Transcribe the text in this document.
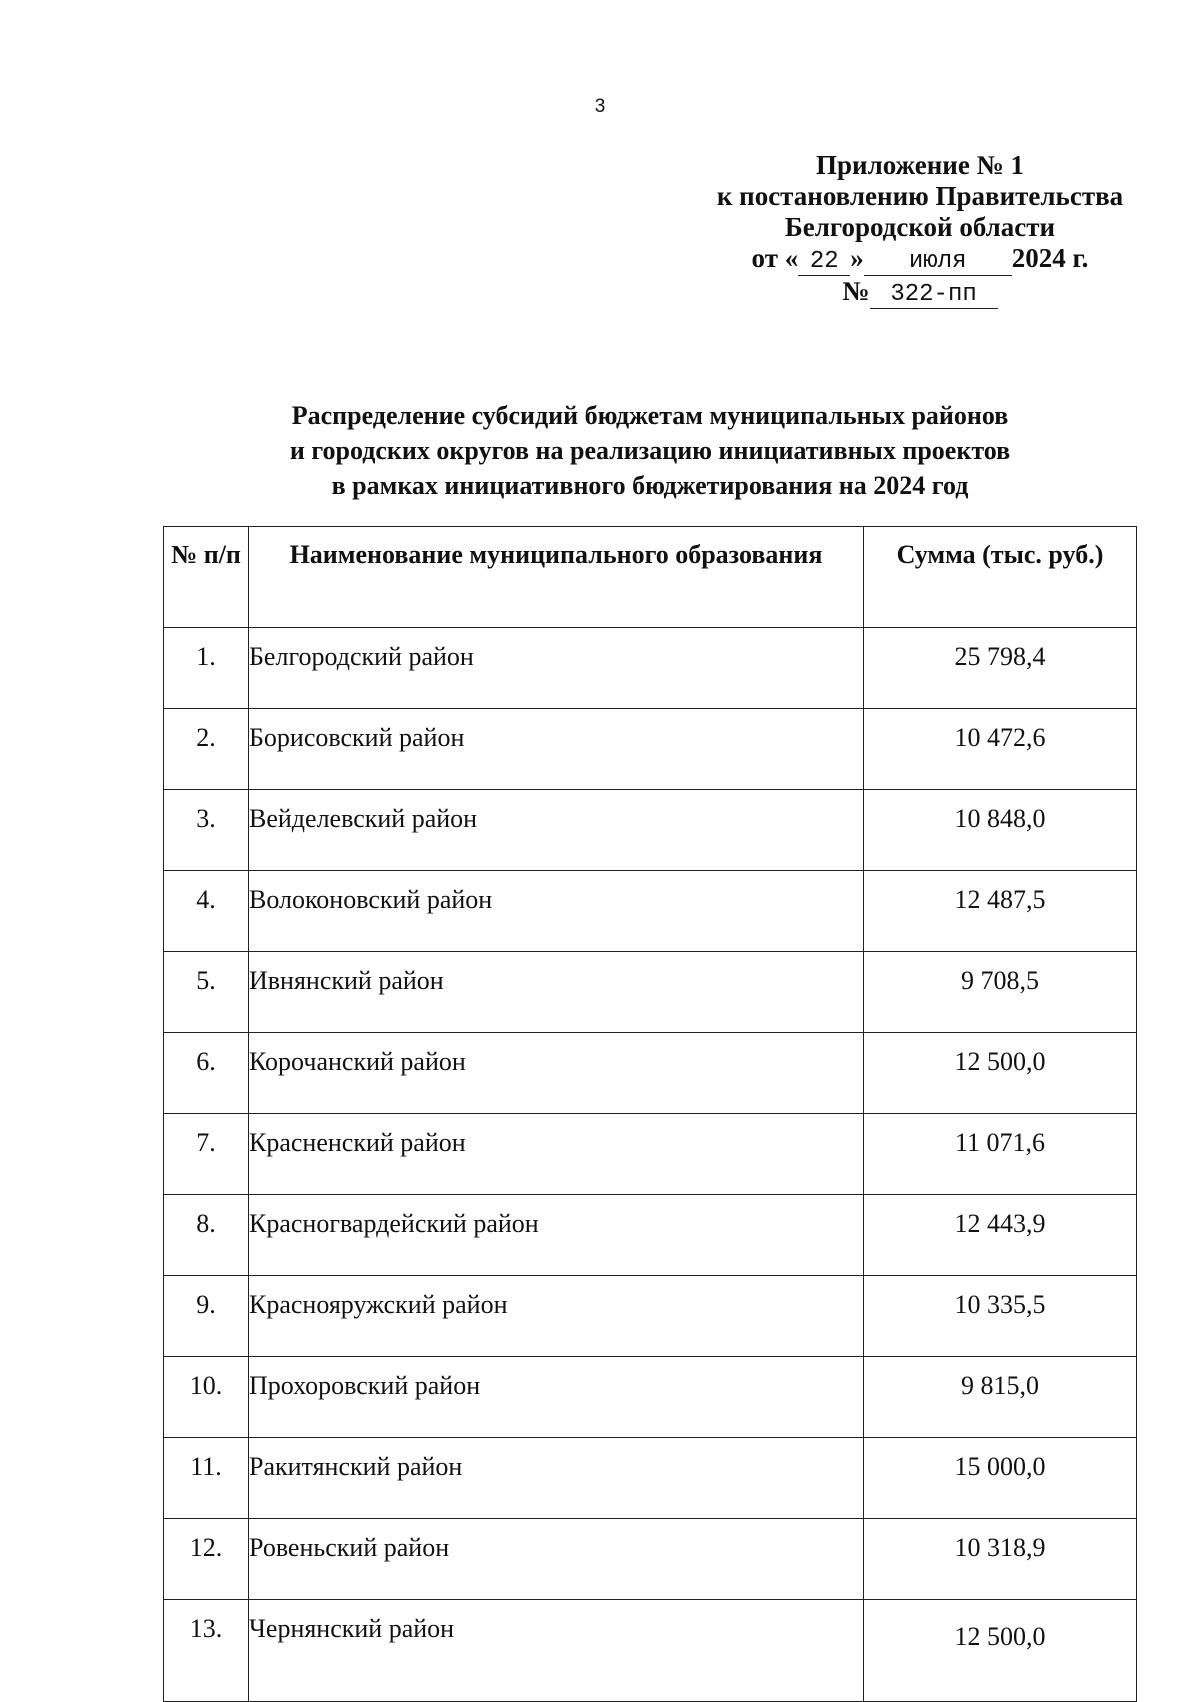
3
Приложение № 1
к постановлению Правительства
Белгородской области
от « 22 » июля 2024 г.
№ 322-пп
Распределение субсидий бюджетам муниципальных районов
и городских округов на реализацию инициативных проектов
в рамках инициативного бюджетирования на 2024 год
№ п/п	Наименование муниципального образования	Сумма (тыс. руб.)
1.	Белгородский район	25 798,4
2.	Борисовский район	10 472,6
3.	Вейделевский район	10 848,0
4.	Волоконовский район	12 487,5
5.	Ивнянский район	9 708,5
6.	Корочанский район	12 500,0
7.	Красненский район	11 071,6
8.	Красногвардейский район	12 443,9
9.	Краснояружский район	10 335,5
10.	Прохоровский район	9 815,0
11.	Ракитянский район	15 000,0
12.	Ровеньский район	10 318,9
13.	Чернянский район	12 500,0
